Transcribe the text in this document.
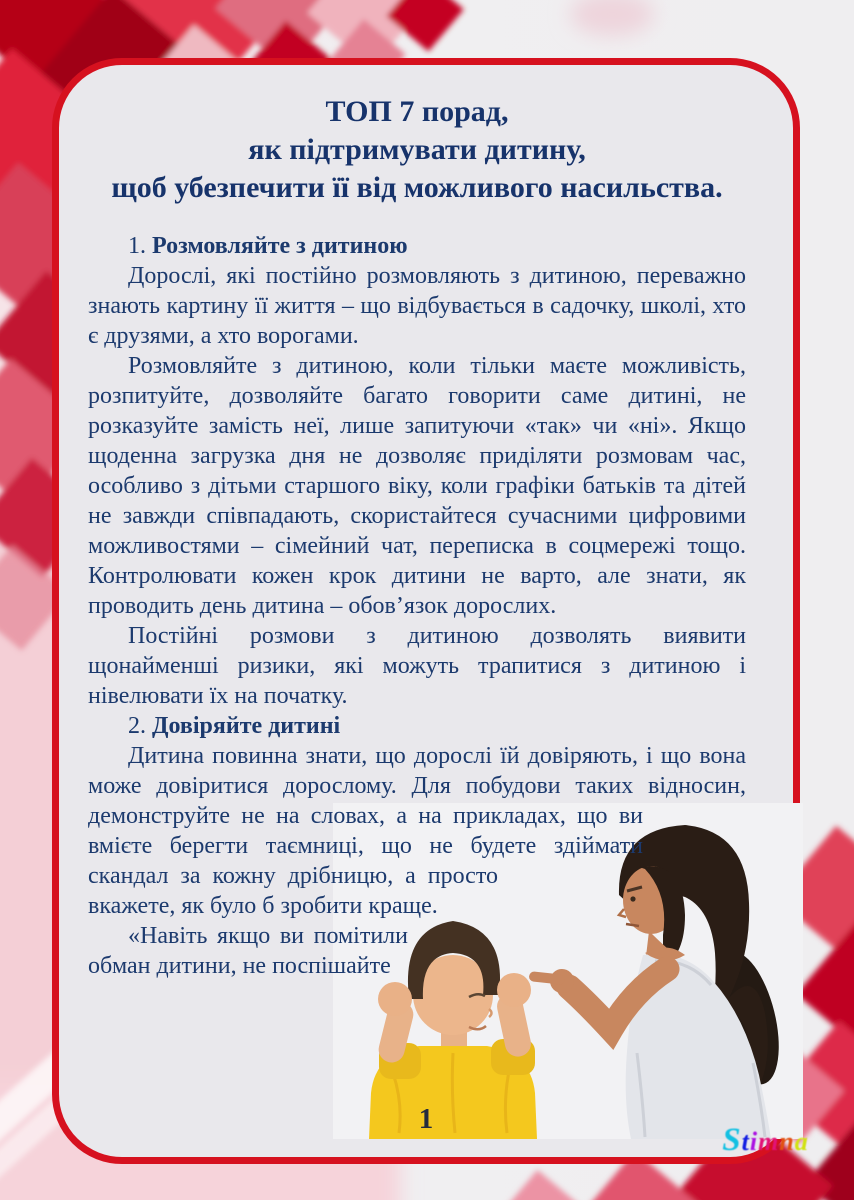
ТОП 7 порад,
як підтримувати дитину,
щоб убезпечити її від можливого насильства.

1. Розмовляйте з дитиною

Дорослі, які постійно розмовляють з дитиною, переважно знають картину її життя – що відбувається в садочку, школі, хто є друзями, а хто ворогами.

Розмовляйте з дитиною, коли тільки маєте можливість, розпитуйте, дозволяйте багато говорити саме дитині, не розказуйте замість неї, лише запитуючи «так» чи «ні». Якщо щоденна загрузка дня не дозволяє приділяти розмовам час, особливо з дітьми старшого віку, коли графіки батьків та дітей не завжди співпадають, скористайтеся сучасними цифровими можливостями – сімейний чат, переписка в соцмережі тощо. Контролювати кожен крок дитини не варто, але знати, як проводить день дитина – обов’язок дорослих.

Постійні розмови з дитиною дозволять виявити щонайменші ризики, які можуть трапитися з дитиною і нівелювати їх на початку.

2. Довіряйте дитині

Дитина повинна знати, що дорослі їй довіряють, і що вона може довіритися дорослому. Для побудови таких відносин, демонструйте не на словах, а на прикладах, що ви вмієте берегти таємниці, що не будете здіймати скандал за кожну дрібницю, а просто вкажете, як було б зробити краще.

«Навіть якщо ви помітили обман дитини, не поспішайте

1
Stimna
